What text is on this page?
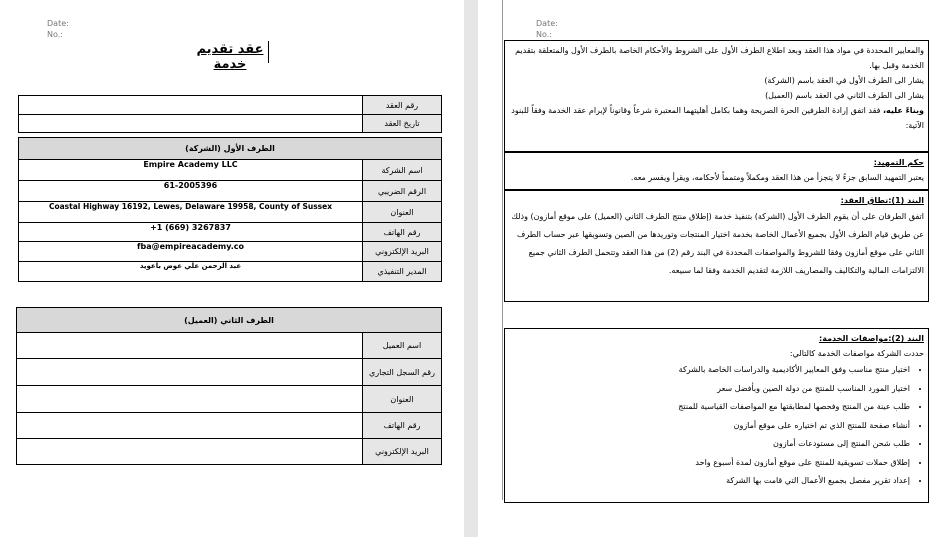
Date:
No.:
عقد تقديم خدمة
رقم العقد	
تاريخ العقد	
الطرف الأول (الشركة)	
اسم الشركة	Empire Academy LLC
الرقم الضريبي	61-2005396
العنوان	Coastal Highway 16192, Lewes, Delaware 19958, County of Sussex
رقم الهاتف	+1 (669) 3267837
البريد الإلكتروني	fba@empireacademy.co
المدير التنفيذي	عبد الرحمن علي عوض باعويد
الطرف الثاني (العميل)	
اسم العميل	
رقم السجل التجاري	
العنوان	
رقم الهاتف	
البريد الإلكتروني	
Date:
No.:

والمعايير المحددة في مواد هذا العقد وبعد اطلاع الطرف الأول على الشروط والأحكام الخاصة بالطرف الأول والمتعلقة بتقديم الخدمة وقبل بها.

يشار الى الطرف الأول في العقد باسم (الشركة)

يشار الى الطرف الثاني في العقد باسم (العميل)

وبناءً عليه، فقد اتفق إرادة الطرفين الحرة الصريحة وهما بكامل أهليتهما المعتبرة شرعاً وقانوناً لإبرام عقد الخدمة وفقاً للبنود الآتية:

حكم التمهيد:

يعتبر التمهيد السابق جزءً لا يتجزأ من هذا العقد ومكملاً ومتمماً لأحكامه، ويقرأ ويفسر معه.

البند (1):نطاق العقد:

اتفق الطرفان على أن يقوم الطرف الأول (الشركة) بتنفيذ خدمة (إطلاق منتج الطرف الثاني (العميل) على موقع أمازون) وذلك عن طريق قيام الطرف الأول بجميع الأعمال الخاصة بخدمة اختيار المنتجات وتوريدها من الصين وتسويقها عبر حساب الطرف الثاني على موقع أمازون وفقا للشروط والمواصفات المحددة في البند رقم (2) من هذا العقد وتتحمل الطرف الثاني جميع الالتزامات المالية والتكاليف والمصاريف اللازمة لتقديم الخدمة وفقا لما سبيعه.

البند (2):مواصفات الخدمة:

حددت الشركة مواصفات الخدمة كالتالي:

• اختيار منتج مناسب وفق المعايير الأكاديمية والدراسات الخاصة بالشركة
• اختيار المورد المناسب للمنتج من دولة الصين وبأفضل سعر
• طلب عينة من المنتج وفحصها لمطابقتها مع المواصفات القياسية للمنتج
• أنشاء صفحة للمنتج الذي تم اختياره على موقع أمازون
• طلب شحن المنتج إلى مستودعات أمازون
• إطلاق حملات تسويقية للمنتج على موقع أمازون لمدة أسبوع واحد
• إعداد تقرير مفصل بجميع الأعمال التي قامت بها الشركة
